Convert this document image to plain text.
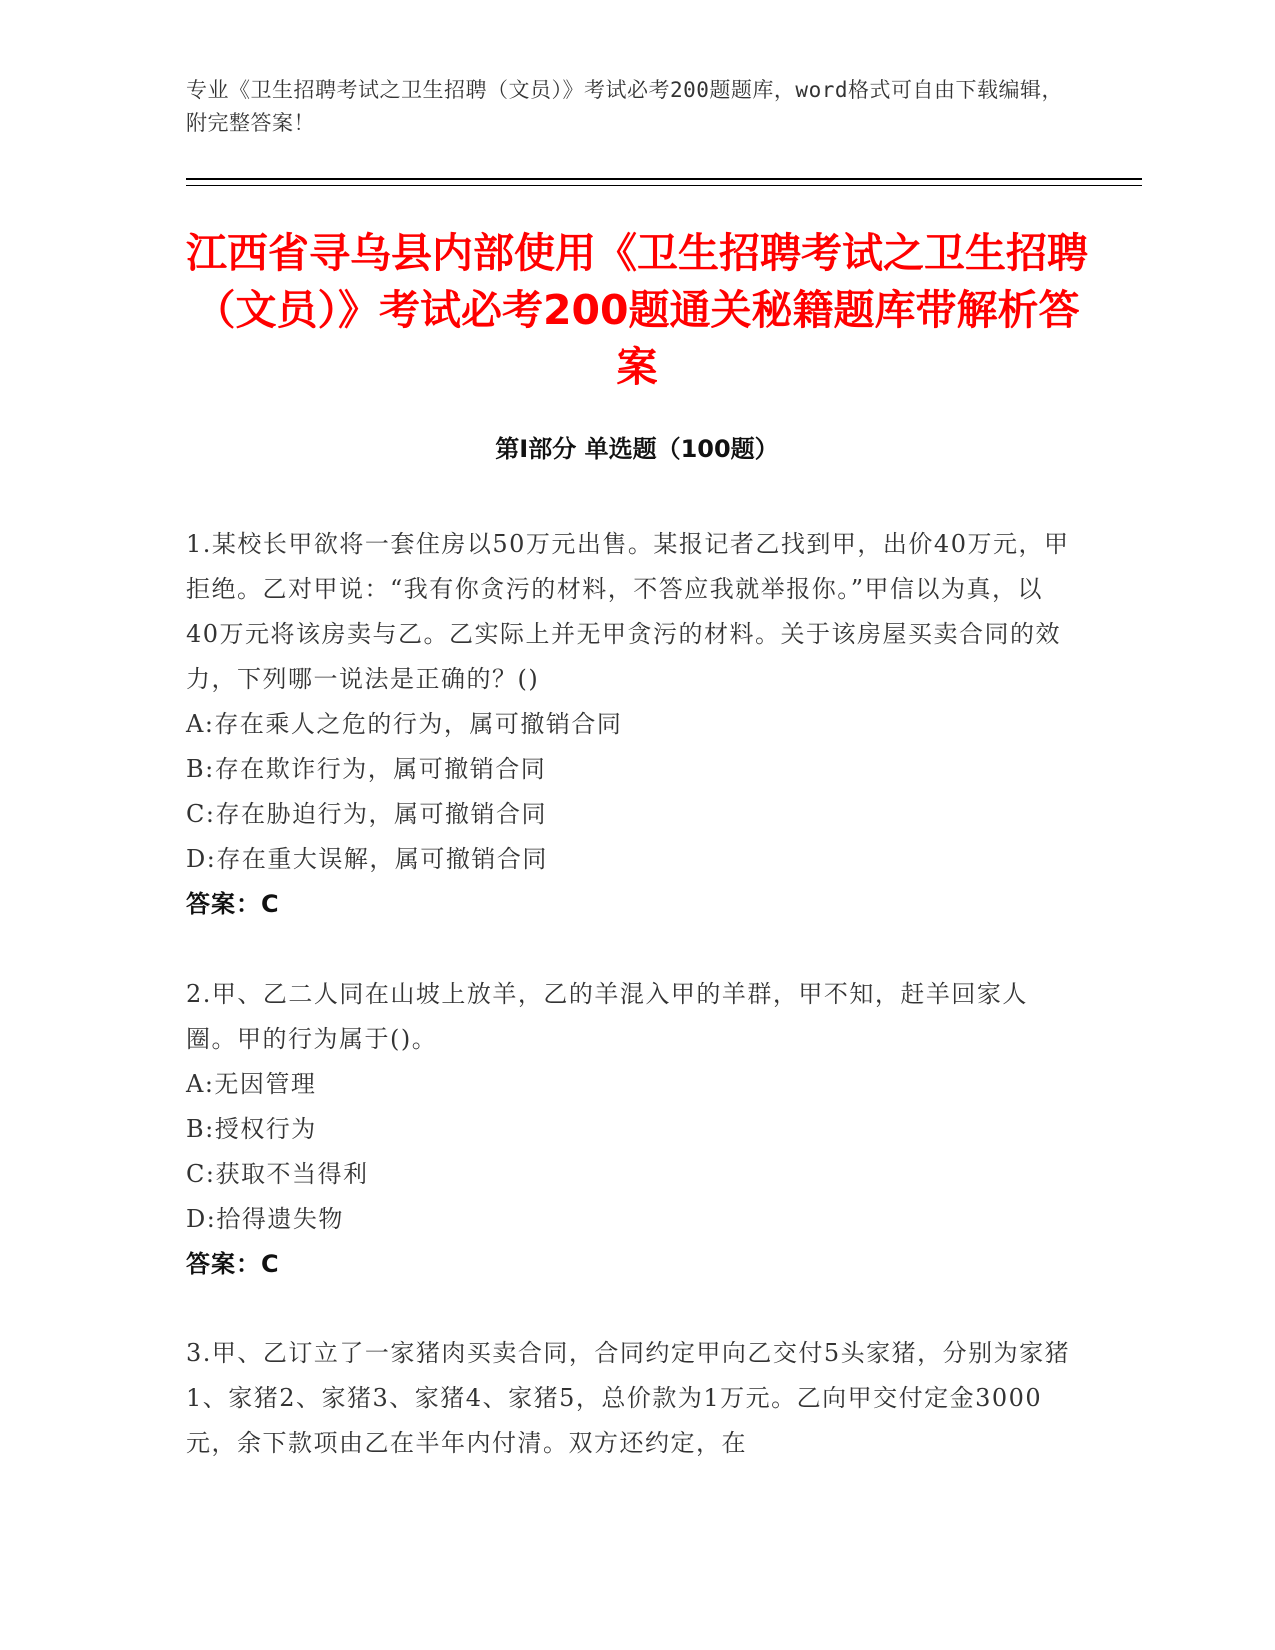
专业《卫生招聘考试之卫生招聘（文员）》考试必考200题题库，word格式可自由下载编辑，附完整答案！
江西省寻乌县内部使用《卫生招聘考试之卫生招聘（文员）》考试必考200题通关秘籍题库带解析答案
第Ⅰ部分 单选题（100题）

1.某校长甲欲将一套住房以50万元出售。某报记者乙找到甲，出价40万元，甲拒绝。乙对甲说：“我有你贪污的材料，不答应我就举报你。”甲信以为真，以40万元将该房卖与乙。乙实际上并无甲贪污的材料。关于该房屋买卖合同的效力，下列哪一说法是正确的？()

A:存在乘人之危的行为，属可撤销合同

B:存在欺诈行为，属可撤销合同

C:存在胁迫行为，属可撤销合同

D:存在重大误解，属可撤销合同

答案：C

2.甲、乙二人同在山坡上放羊，乙的羊混入甲的羊群，甲不知，赶羊回家人圈。甲的行为属于()。

A:无因管理

B:授权行为

C:获取不当得利

D:拾得遗失物

答案：C

3.甲、乙订立了一家猪肉买卖合同，合同约定甲向乙交付5头家猪，分别为家猪1、家猪2、家猪3、家猪4、家猪5，总价款为1万元。乙向甲交付定金3000元，余下款项由乙在半年内付清。双方还约定，在
